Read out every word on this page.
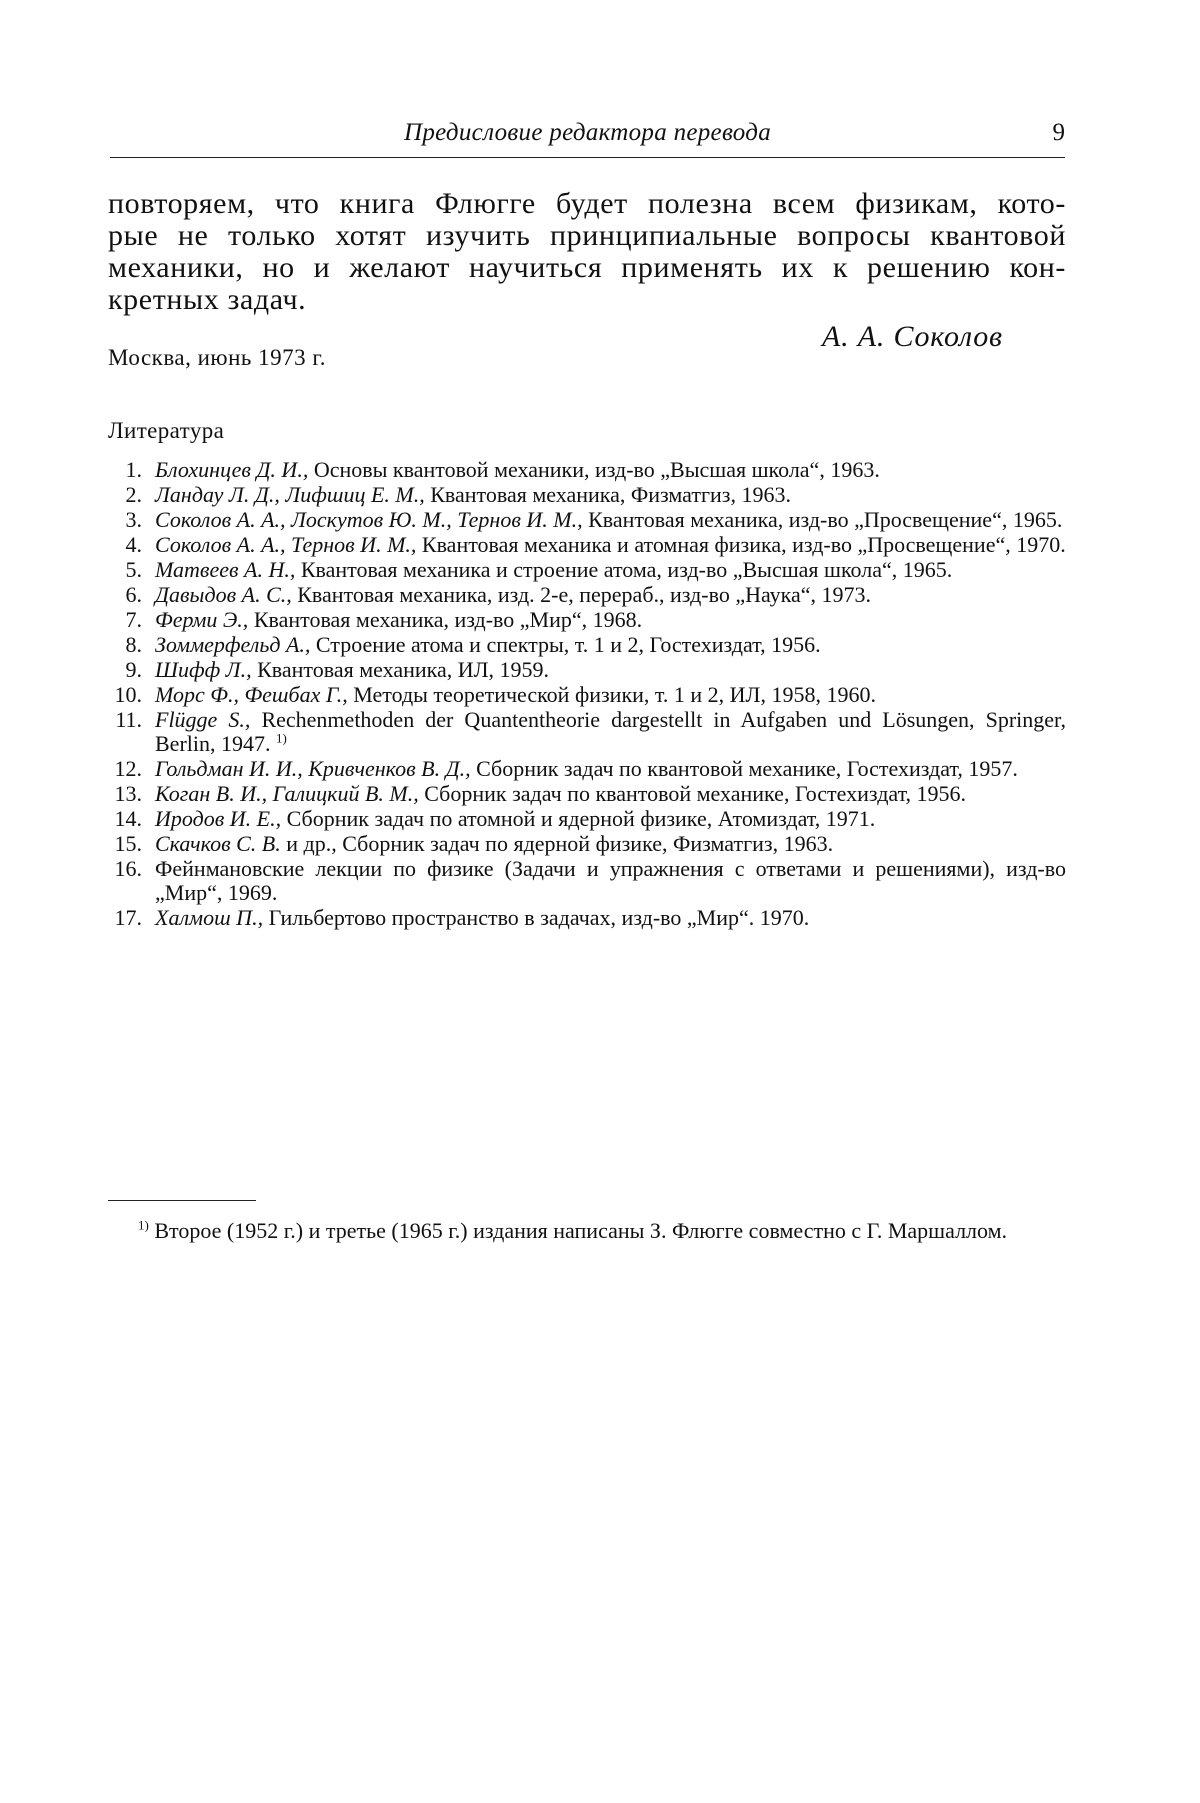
Предисловие редактора перевода	9
повторяем, что книга Флюгге будет полезна всем физикам, кото-
рые не только хотят изучить принципиальные вопросы квантовой
механики, но и желают научиться применять их к решению кон-
кретных задач.
А. А. Соколов
Москва, июнь 1973 г.
Литература
1. Блохинцев Д. И., Основы квантовой механики, изд-во „Высшая школа“, 1963.
2. Ландау Л. Д., Лифшиц Е. М., Квантовая механика, Физматгиз, 1963.
3. Соколов А. А., Лоскутов Ю. М., Тернов И. М., Квантовая механика, изд-во „Просвещение“, 1965.
4. Соколов А. А., Тернов И. М., Квантовая механика и атомная физика, изд-во „Просвещение“, 1970.
5. Матвеев А. Н., Квантовая механика и строение атома, изд-во „Высшая школа“, 1965.
6. Давыдов А. С., Квантовая механика, изд. 2-е, перераб., изд-во „Наука“, 1973.
7. Ферми Э., Квантовая механика, изд-во „Мир“, 1968.
8. Зоммерфельд А., Строение атома и спектры, т. 1 и 2, Гостехиздат, 1956.
9. Шифф Л., Квантовая механика, ИЛ, 1959.
10. Морс Ф., Фешбах Г., Методы теоретической физики, т. 1 и 2, ИЛ, 1958, 1960.
11. Flügge S., Rechenmethoden der Quantentheorie dargestellt in Aufgaben und Lösungen, Springer, Berlin, 1947. $^{1)}$
12. Гольдман И. И., Кривченков В. Д., Сборник задач по квантовой механике, Гостехиздат, 1957.
13. Коган В. И., Галицкий В. М., Сборник задач по квантовой механике, Гостехиздат, 1956.
14. Иродов И. Е., Сборник задач по атомной и ядерной физике, Атомиздат, 1971.
15. Скачков С. В. и др., Сборник задач по ядерной физике, Физматгиз, 1963.
16. Фейнмановские лекции по физике (Задачи и упражнения с ответами и решениями), изд-во „Мир“, 1969.
17. Халмош П., Гильбертово пространство в задачах, изд-во „Мир“. 1970.
$^{1)}$ Второе (1952 г.) и третье (1965 г.) издания написаны З. Флюгге совместно с Г. Маршаллом.
